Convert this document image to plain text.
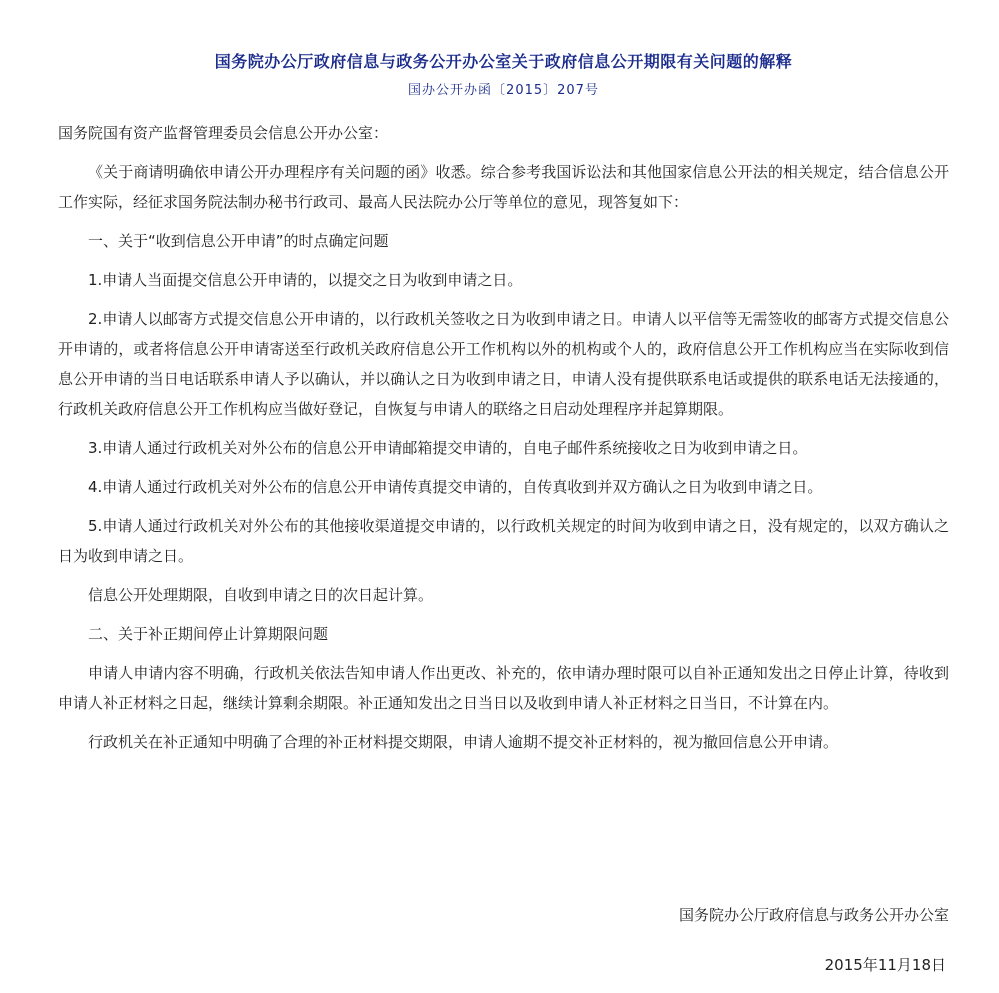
国务院办公厅政府信息与政务公开办公室关于政府信息公开期限有关问题的解释

国办公开办函〔2015〕207号

国务院国有资产监督管理委员会信息公开办公室：

《关于商请明确依申请公开办理程序有关问题的函》收悉。综合参考我国诉讼法和其他国家信息公开法的相关规定，结合信息公开工作实际，经征求国务院法制办秘书行政司、最高人民法院办公厅等单位的意见，现答复如下：

一、关于“收到信息公开申请”的时点确定问题

1.申请人当面提交信息公开申请的，以提交之日为收到申请之日。

2.申请人以邮寄方式提交信息公开申请的，以行政机关签收之日为收到申请之日。申请人以平信等无需签收的邮寄方式提交信息公开申请的，或者将信息公开申请寄送至行政机关政府信息公开工作机构以外的机构或个人的，政府信息公开工作机构应当在实际收到信息公开申请的当日电话联系申请人予以确认，并以确认之日为收到申请之日，申请人没有提供联系电话或提供的联系电话无法接通的，行政机关政府信息公开工作机构应当做好登记，自恢复与申请人的联络之日启动处理程序并起算期限。

3.申请人通过行政机关对外公布的信息公开申请邮箱提交申请的，自电子邮件系统接收之日为收到申请之日。

4.申请人通过行政机关对外公布的信息公开申请传真提交申请的，自传真收到并双方确认之日为收到申请之日。

5.申请人通过行政机关对外公布的其他接收渠道提交申请的，以行政机关规定的时间为收到申请之日，没有规定的，以双方确认之日为收到申请之日。

信息公开处理期限，自收到申请之日的次日起计算。

二、关于补正期间停止计算期限问题

申请人申请内容不明确，行政机关依法告知申请人作出更改、补充的，依申请办理时限可以自补正通知发出之日停止计算，待收到申请人补正材料之日起，继续计算剩余期限。补正通知发出之日当日以及收到申请人补正材料之日当日，不计算在内。

行政机关在补正通知中明确了合理的补正材料提交期限，申请人逾期不提交补正材料的，视为撤回信息公开申请。

国务院办公厅政府信息与政务公开办公室
2015年11月18日
